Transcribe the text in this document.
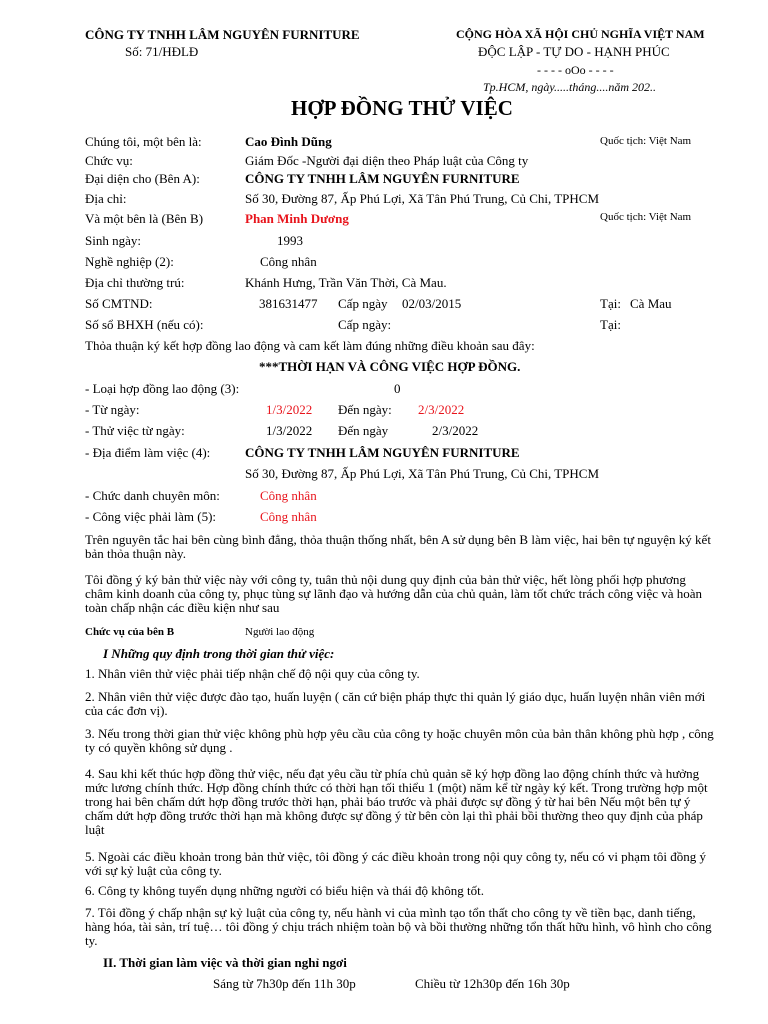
CÔNG TY TNHH LÂM NGUYÊN FURNITURE
Số: 71/HĐLĐ
CỘNG HÒA XÃ HỘI CHỦ NGHĨA VIỆT NAM
ĐỘC LẬP - TỰ DO - HẠNH PHÚC
- - - - oOo - - - -
Tp.HCM, ngày.....tháng....năm 202..
HỢP ĐỒNG THỬ VIỆC
Chúng tôi, một bên là:	Cao Đình Dũng	Quốc tịch: Việt Nam
Chức vụ:	Giám Đốc -Người đại diện theo Pháp luật của Công ty
Đại diện cho (Bên A):	CÔNG TY TNHH LÂM NGUYÊN FURNITURE
Địa chỉ:	Số 30, Đường 87, Ấp Phú Lợi, Xã Tân Phú Trung, Củ Chi, TPHCM
Và một bên là (Bên B)	Phan Minh Dương	Quốc tịch: Việt Nam
Sinh ngày:	1993
Nghề nghiệp (2):	Công nhân
Địa chỉ thường trú:	Khánh Hưng, Trần Văn Thời, Cà Mau.
Số CMTND:	381631477 Cấp ngày 02/03/2015	Tại: Cà Mau
Số sổ BHXH (nếu có):	Cấp ngày:	Tại:
Thỏa thuận ký kết hợp đồng lao động và cam kết làm đúng những điều khoản sau đây:
***THỜI HẠN VÀ CÔNG VIỆC HỢP ĐỒNG.
- Loại hợp đồng lao động (3):	0
- Từ ngày:	1/3/2022 Đến ngày: 2/3/2022
- Thử việc từ ngày:	1/3/2022 Đến ngày	2/3/2022
- Địa điểm làm việc (4):	CÔNG TY TNHH LÂM NGUYÊN FURNITURE
Số 30, Đường 87, Ấp Phú Lợi, Xã Tân Phú Trung, Củ Chi, TPHCM
- Chức danh chuyên môn:	Công nhân
- Công việc phải làm (5):	Công nhân
Trên nguyên tắc hai bên cùng bình đẳng, thỏa thuận thống nhất, bên A sử dụng bên B làm việc, hai bên tự nguyện ký kết bản thỏa thuận này.
Tôi đồng ý ký bản thử việc này với công ty, tuân thủ nội dung quy định của bản thử việc, hết lòng phối hợp phương châm kinh doanh của công ty, phục tùng sự lãnh đạo và hướng dẫn của chủ quản, làm tốt chức trách công việc và hoàn toàn chấp nhận các điều kiện như sau
Chức vụ của bên B	Người lao động
I Những quy định trong thời gian thử việc:
1. Nhân viên thử việc phải tiếp nhận chế độ nội quy của công ty.
2. Nhân viên thử việc được đào tạo, huấn luyện ( căn cứ biện pháp thực thi quản lý giáo dục, huấn luyện nhân viên mới của các đơn vị).
3. Nếu trong thời gian thử việc không phù hợp yêu cầu của công ty hoặc chuyên môn của bản thân không phù hợp , công ty có quyền không sử dụng .
4. Sau khi kết thúc hợp đồng thử việc, nếu đạt yêu cầu từ phía chủ quản sẽ ký hợp đồng lao động chính thức và hưởng mức lương chính thức. Hợp đồng chính thức có thời hạn tối thiểu 1 (một) năm kể từ ngày ký kết. Trong trường hợp một trong hai bên chấm dứt hợp đồng trước thời hạn, phải báo trước và phải được sự đồng ý từ hai bên Nếu một bên tự ý chấm dứt hợp đồng trước thời hạn mà không được sự đồng ý từ bên còn lại thì phải bồi thường theo quy định của pháp luật
5. Ngoài các điều khoản trong bản thử việc, tôi đồng ý các điều khoản trong nội quy công ty, nếu có vi phạm tôi đồng ý với sự kỷ luật của công ty.
6. Công ty không tuyển dụng những người có biểu hiện và thái độ không tốt.
7. Tôi đồng ý chấp nhận sự kỷ luật của công ty, nếu hành vi của mình tạo tổn thất cho công ty về tiền bạc, danh tiếng, hàng hóa, tài sản, trí tuệ… tôi đồng ý chịu trách nhiệm toàn bộ và bồi thường những tổn thất hữu hình, vô hình cho công ty.
II. Thời gian làm việc và thời gian nghỉ ngơi
Sáng từ 7h30p đến 11h 30p	Chiều từ 12h30p đến 16h 30p
